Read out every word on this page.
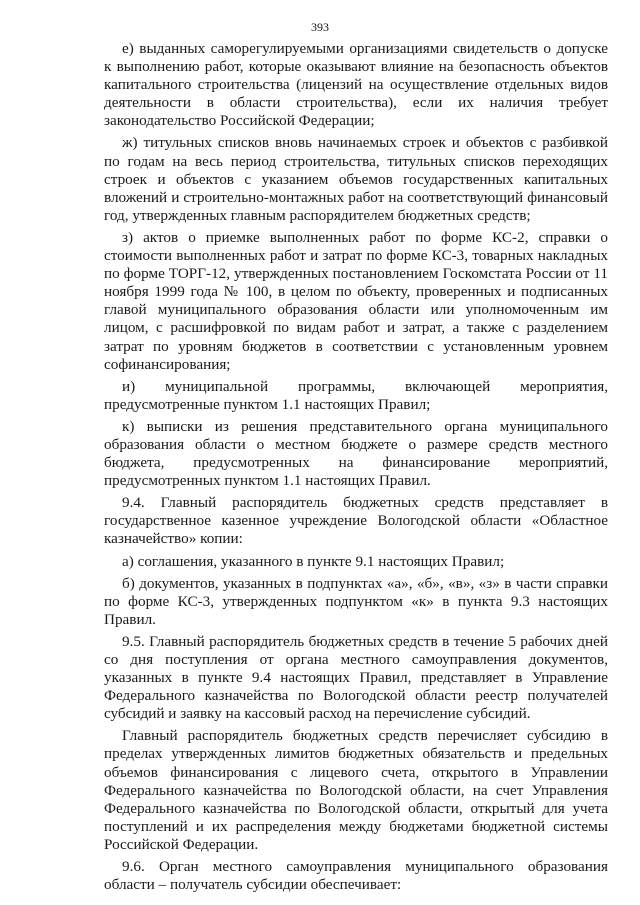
393

е) выданных саморегулируемыми организациями свидетельств о допуске к выполнению работ, которые оказывают влияние на безопасность объектов капитального строительства (лицензий на осуществление отдельных видов деятельности в области строительства), если их наличия требует законодательство Российской Федерации;

ж) титульных списков вновь начинаемых строек и объектов с разбивкой по годам на весь период строительства, титульных списков переходящих строек и объектов с указанием объемов государственных капитальных вложений и строительно-монтажных работ на соответствующий финансовый год, утвержденных главным распорядителем бюджетных средств;

з) актов о приемке выполненных работ по форме КС-2, справки о стоимости выполненных работ и затрат по форме КС-3, товарных накладных по форме ТОРГ-12, утвержденных постановлением Госкомстата России от 11 ноября 1999 года № 100, в целом по объекту, проверенных и подписанных главой муниципального образования области или уполномоченным им лицом, с расшифровкой по видам работ и затрат, а также с разделением затрат по уровням бюджетов в соответствии с установленным уровнем софинансирования;

и) муниципальной программы, включающей мероприятия, предусмотренные пунктом 1.1 настоящих Правил;

к) выписки из решения представительного органа муниципального образования области о местном бюджете о размере средств местного бюджета, предусмотренных на финансирование мероприятий, предусмотренных пунктом 1.1 настоящих Правил.

9.4. Главный распорядитель бюджетных средств представляет в государственное казенное учреждение Вологодской области «Областное казначейство» копии:

а) соглашения, указанного в пункте 9.1 настоящих Правил;

б) документов, указанных в подпунктах «а», «б», «в», «з» в части справки по форме КС-3, утвержденных подпунктом «к» в пункта 9.3 настоящих Правил.

9.5. Главный распорядитель бюджетных средств в течение 5 рабочих дней со дня поступления от органа местного самоуправления документов, указанных в пункте 9.4 настоящих Правил, представляет в Управление Федерального казначейства по Вологодской области реестр получателей субсидий и заявку на кассовый расход на перечисление субсидий.

Главный распорядитель бюджетных средств перечисляет субсидию в пределах утвержденных лимитов бюджетных обязательств и предельных объемов финансирования с лицевого счета, открытого в Управлении Федерального казначейства по Вологодской области, на счет Управления Федерального казначейства по Вологодской области, открытый для учета поступлений и их распределения между бюджетами бюджетной системы Российской Федерации.

9.6. Орган местного самоуправления муниципального образования области – получатель субсидии обеспечивает:
